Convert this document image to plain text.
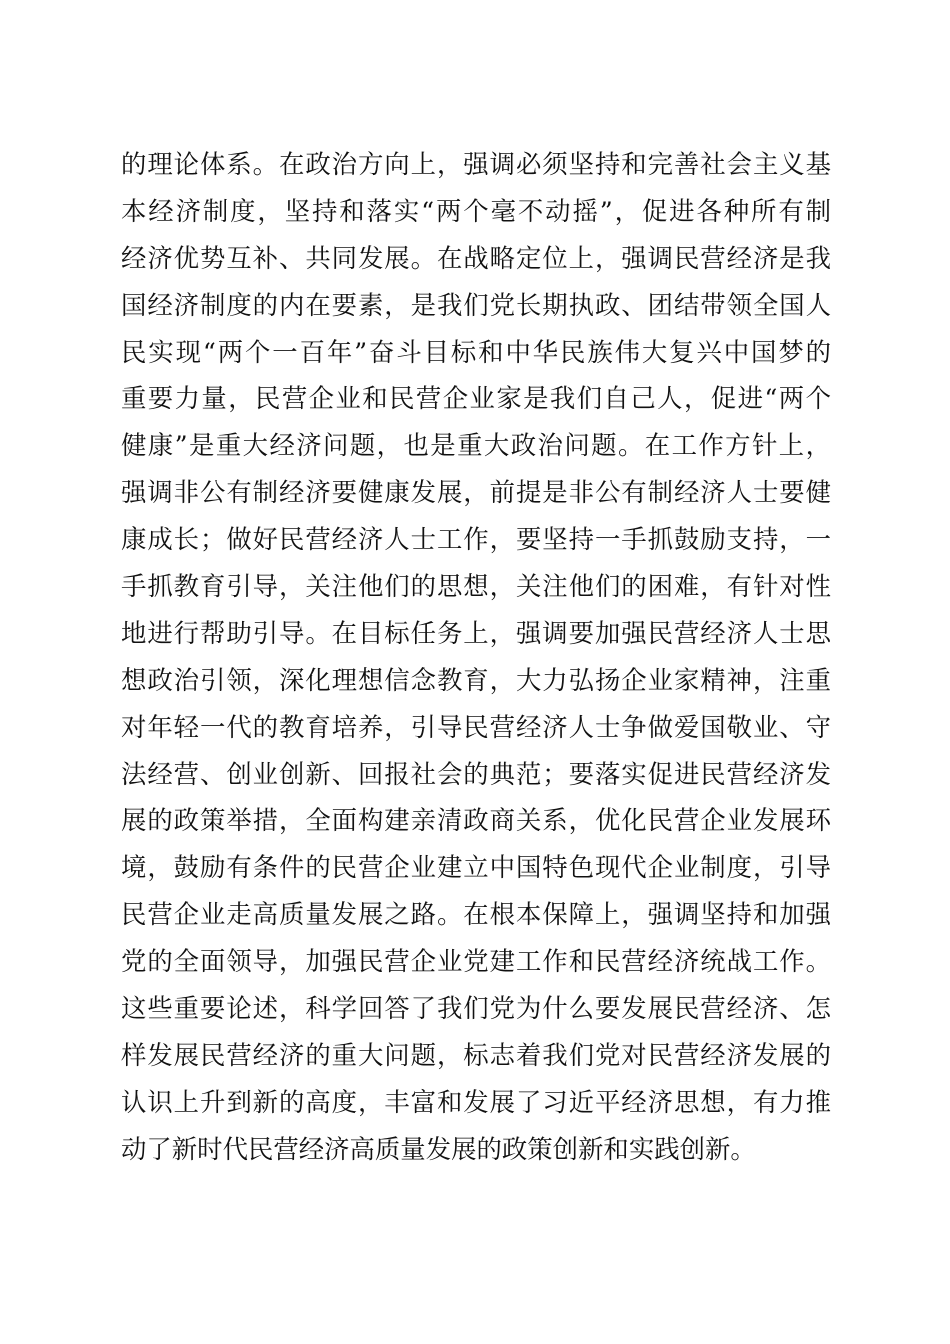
的理论体系。在政治方向上，强调必须坚持和完善社会主义基
本经济制度，坚持和落实“两个毫不动摇”，促进各种所有制
经济优势互补、共同发展。在战略定位上，强调民营经济是我
国经济制度的内在要素，是我们党长期执政、团结带领全国人
民实现“两个一百年”奋斗目标和中华民族伟大复兴中国梦的
重要力量，民营企业和民营企业家是我们自己人，促进“两个
健康”是重大经济问题，也是重大政治问题。在工作方针上，
强调非公有制经济要健康发展，前提是非公有制经济人士要健
康成长；做好民营经济人士工作，要坚持一手抓鼓励支持，一
手抓教育引导，关注他们的思想，关注他们的困难，有针对性
地进行帮助引导。在目标任务上，强调要加强民营经济人士思
想政治引领，深化理想信念教育，大力弘扬企业家精神，注重
对年轻一代的教育培养，引导民营经济人士争做爱国敬业、守
法经营、创业创新、回报社会的典范；要落实促进民营经济发
展的政策举措，全面构建亲清政商关系，优化民营企业发展环
境，鼓励有条件的民营企业建立中国特色现代企业制度，引导
民营企业走高质量发展之路。在根本保障上，强调坚持和加强
党的全面领导，加强民营企业党建工作和民营经济统战工作。
这些重要论述，科学回答了我们党为什么要发展民营经济、怎
样发展民营经济的重大问题，标志着我们党对民营经济发展的
认识上升到新的高度，丰富和发展了习近平经济思想，有力推
动了新时代民营经济高质量发展的政策创新和实践创新。
